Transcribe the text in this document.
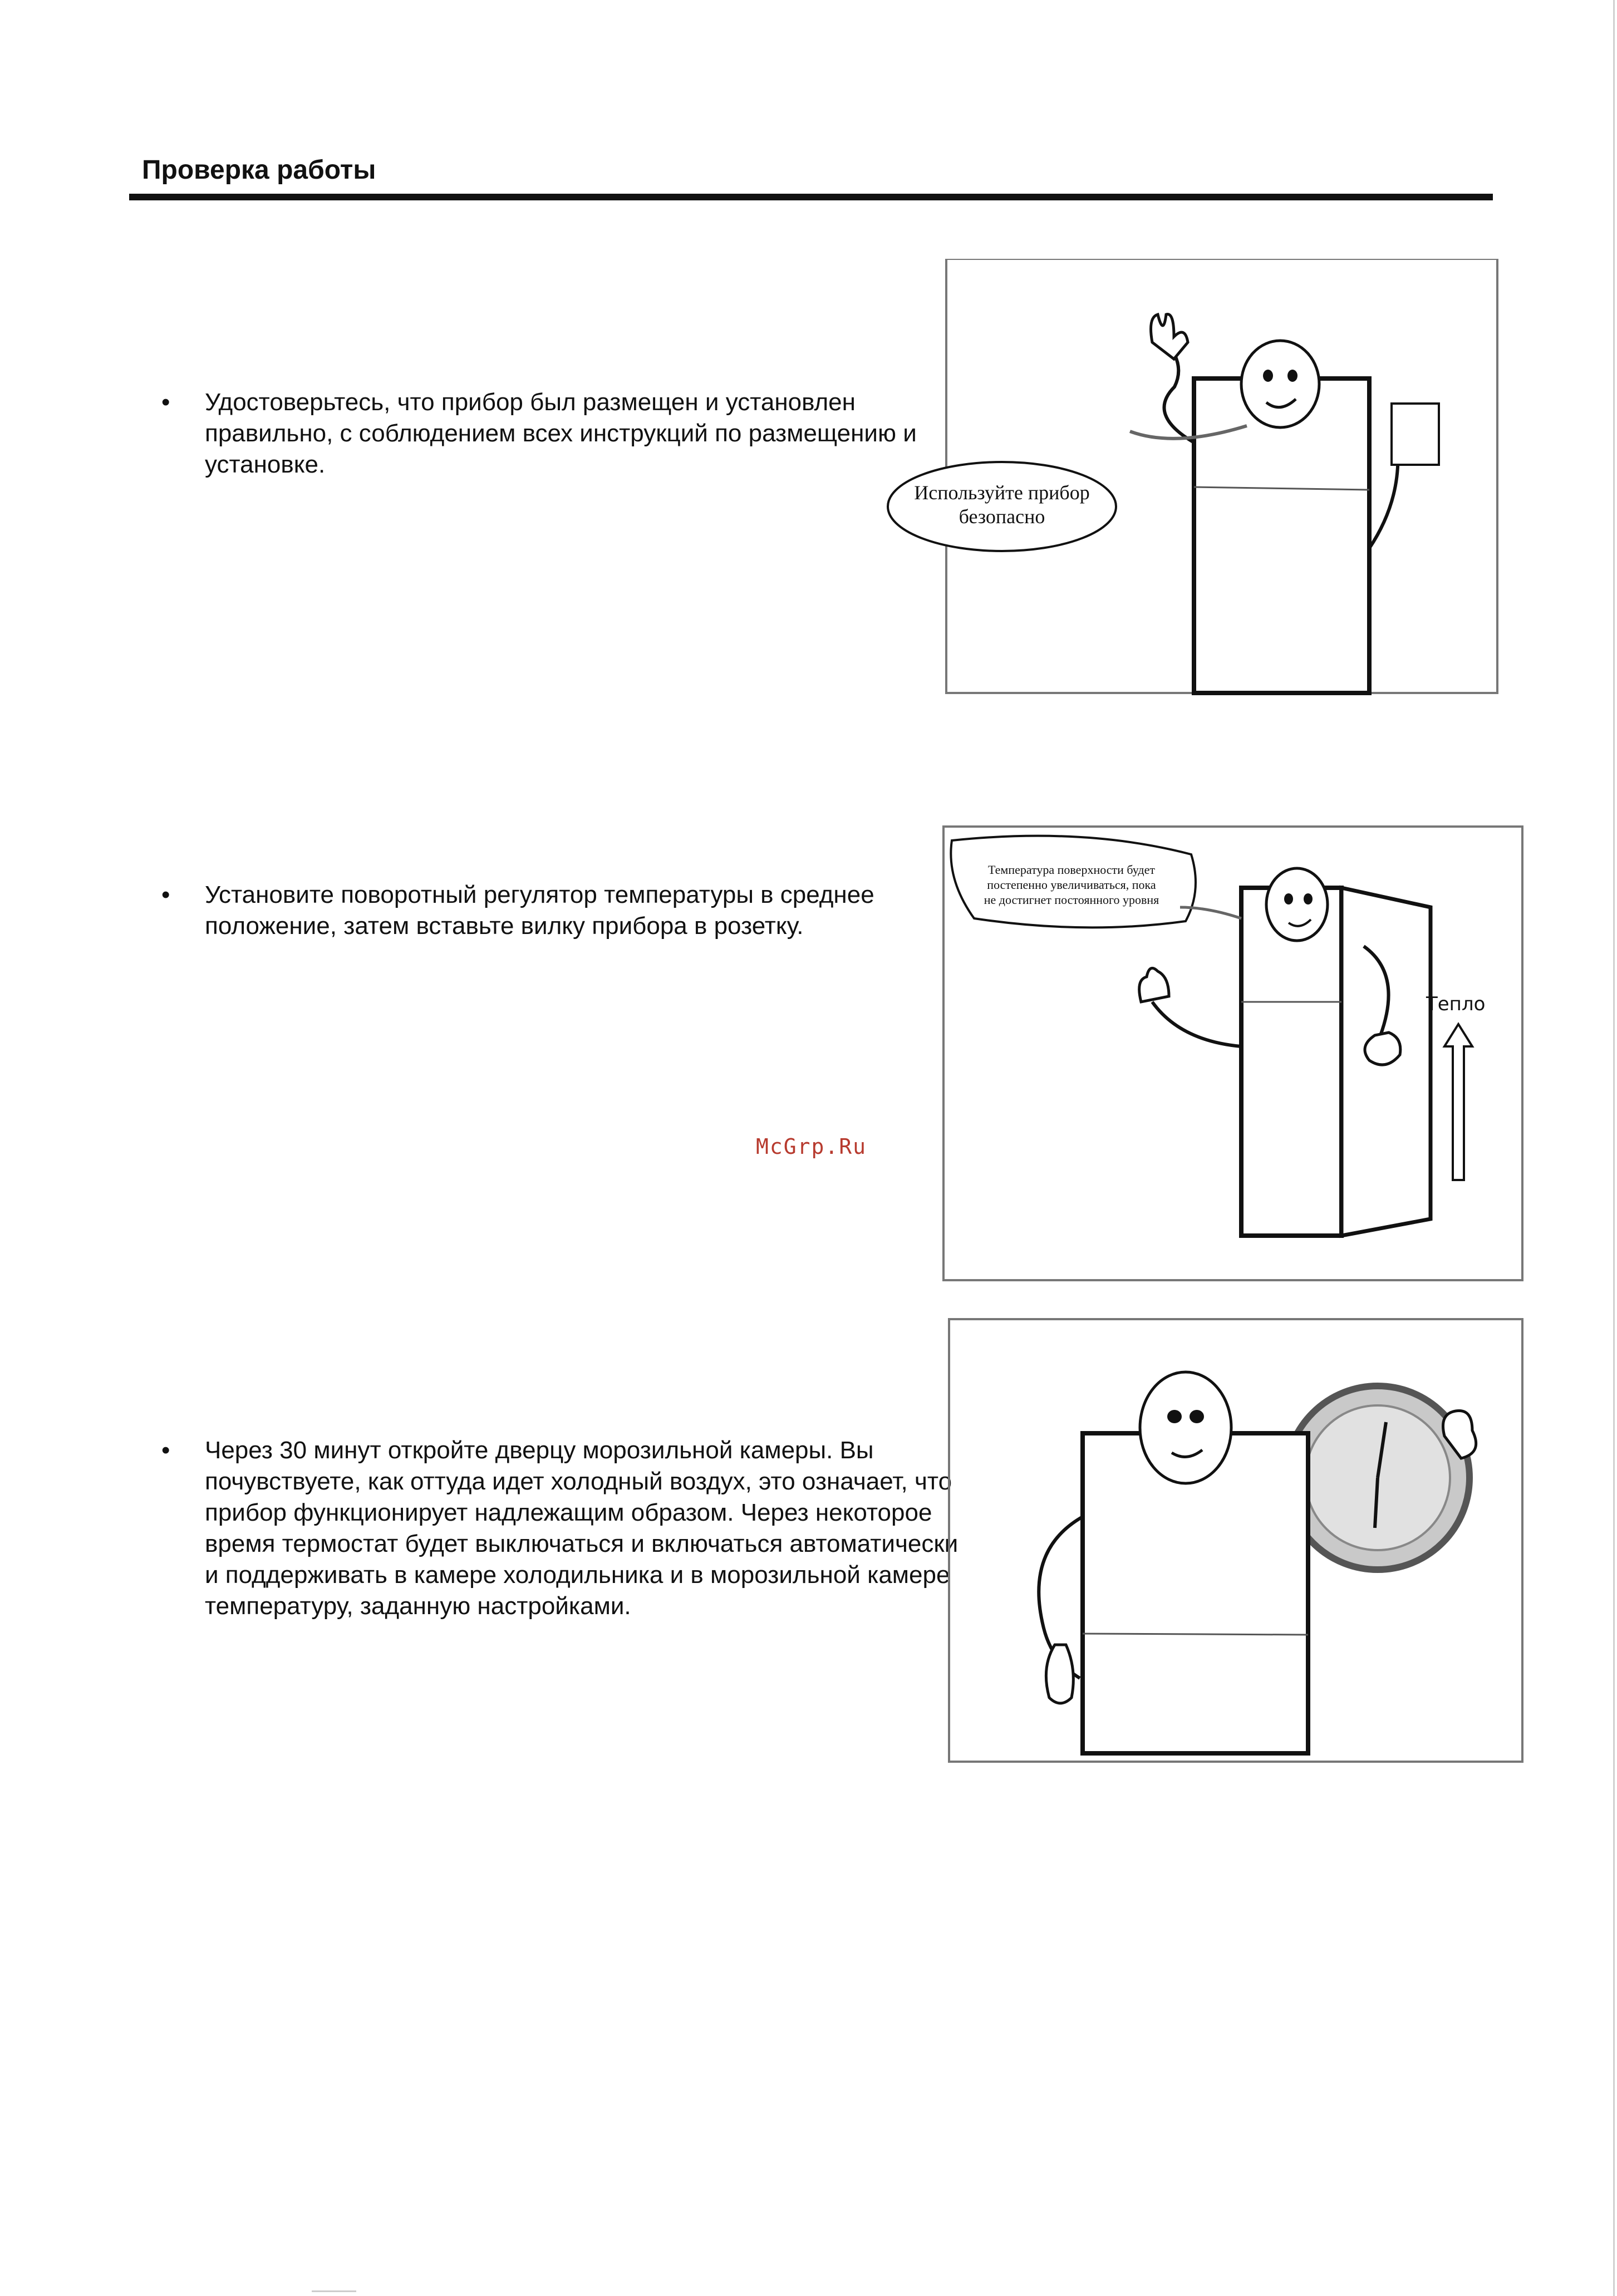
Проверка работы
• Удостоверьтесь, что прибор был размещен и установлен правильно, с соблюдением всех инструкций по размещению и установке.
Используйте прибор
безопасно
• Установите поворотный регулятор температуры в среднее положение, затем вставьте вилку прибора в розетку.
McGrp.Ru
Тепло
Температура поверхности будет
постепенно увеличиваться, пока
не достигнет постоянного уровня
• Через 30 минут откройте дверцу морозильной камеры. Вы почувствуете, как оттуда идет холодный воздух, это означает, что прибор функционирует надлежащим образом. Через некоторое время термостат будет выключаться и включаться автоматически и поддерживать в камере холодильника и в морозильной камере температуру, заданную настройками.
